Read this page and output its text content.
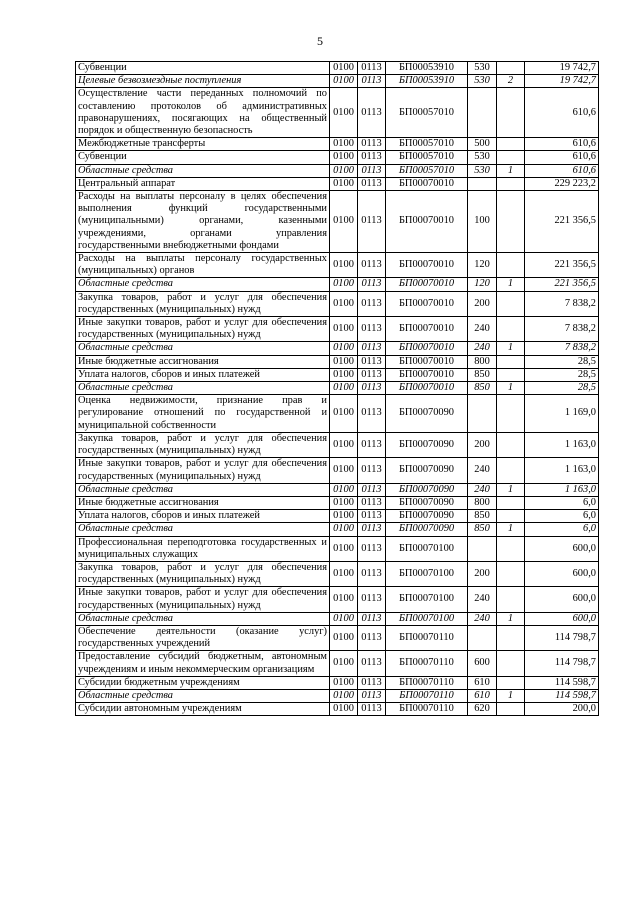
5
Субвенции	0100	0113	БП00053910	530		19 742,7
Целевые безвозмездные поступления	0100	0113	БП00053910	530	2	19 742,7
Осуществление части переданных полномочий по составлению протоколов об административных правонарушениях, посягающих на общественный порядок и общественную безопасность	0100	0113	БП00057010			610,6
Межбюджетные трансферты	0100	0113	БП00057010	500		610,6
Субвенции	0100	0113	БП00057010	530		610,6
Областные средства	0100	0113	БП00057010	530	1	610,6
Центральный аппарат	0100	0113	БП00070010			229 223,2
Расходы на выплаты персоналу в целях обеспечения выполнения функций государственными (муниципальными) органами, казенными учреждениями, органами управления государственными внебюджетными фондами	0100	0113	БП00070010	100		221 356,5
Расходы на выплаты персоналу государственных (муниципальных) органов	0100	0113	БП00070010	120		221 356,5
Областные средства	0100	0113	БП00070010	120	1	221 356,5
Закупка товаров, работ и услуг для обеспечения государственных (муниципальных) нужд	0100	0113	БП00070010	200		7 838,2
Иные закупки товаров, работ и услуг для обеспечения государственных (муниципальных) нужд	0100	0113	БП00070010	240		7 838,2
Областные средства	0100	0113	БП00070010	240	1	7 838,2
Иные бюджетные ассигнования	0100	0113	БП00070010	800		28,5
Уплата налогов, сборов и иных платежей	0100	0113	БП00070010	850		28,5
Областные средства	0100	0113	БП00070010	850	1	28,5
Оценка недвижимости, признание прав и регулирование отношений по государственной и муниципальной собственности	0100	0113	БП00070090			1 169,0
Закупка товаров, работ и услуг для обеспечения государственных (муниципальных) нужд	0100	0113	БП00070090	200		1 163,0
Иные закупки товаров, работ и услуг для обеспечения государственных (муниципальных) нужд	0100	0113	БП00070090	240		1 163,0
Областные средства	0100	0113	БП00070090	240	1	1 163,0
Иные бюджетные ассигнования	0100	0113	БП00070090	800		6,0
Уплата налогов, сборов и иных платежей	0100	0113	БП00070090	850		6,0
Областные средства	0100	0113	БП00070090	850	1	6,0
Профессиональная переподготовка государственных и муниципальных служащих	0100	0113	БП00070100			600,0
Закупка товаров, работ и услуг для обеспечения государственных (муниципальных) нужд	0100	0113	БП00070100	200		600,0
Иные закупки товаров, работ и услуг для обеспечения государственных (муниципальных) нужд	0100	0113	БП00070100	240		600,0
Областные средства	0100	0113	БП00070100	240	1	600,0
Обеспечение деятельности (оказание услуг) государственных учреждений	0100	0113	БП00070110			114 798,7
Предоставление субсидий бюджетным, автономным учреждениям и иным некоммерческим организациям	0100	0113	БП00070110	600		114 798,7
Субсидии бюджетным учреждениям	0100	0113	БП00070110	610		114 598,7
Областные средства	0100	0113	БП00070110	610	1	114 598,7
Субсидии автономным учреждениям	0100	0113	БП00070110	620		200,0
